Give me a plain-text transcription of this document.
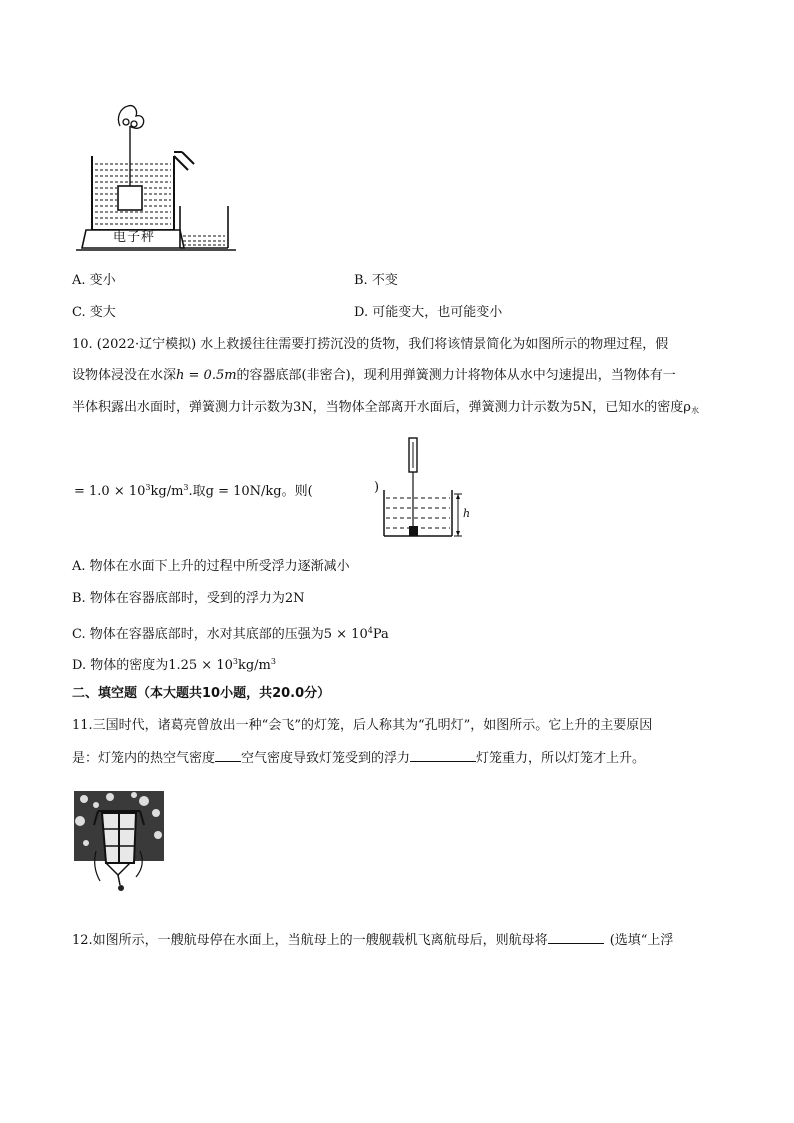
电子秤
A. 变小	B. 不变
C. 变大	D. 可能变大，也可能变小
10. (2022·辽宁模拟) 水上救援往往需要打捞沉没的货物，我们将该情景简化为如图所示的物理过程，假
设物体浸没在水深h = 0.5m的容器底部(非密合)，现利用弹簧测力计将物体从水中匀速提出，当物体有一
半体积露出水面时，弹簧测力计示数为3N，当物体全部离开水面后，弹簧测力计示数为5N，已知水的密度$\rho_水$
= $1.0 \times 10^3kg/m^3$.取g = 10N/kg。则(	)
h
A. 物体在水面下上升的过程中所受浮力逐渐减小
B. 物体在容器底部时，受到的浮力为2N
C. 物体在容器底部时，水对其底部的压强为$5 \times 10^4Pa$
D. 物体的密度为$1.25 \times 10^3kg/m^3$
二、填空题（本大题共10小题，共20.0分）
11.三国时代，诸葛亮曾放出一种“会飞”的灯笼，后人称其为“孔明灯”，如图所示。它上升的主要原因
是：灯笼内的热空气密度 空气密度导致灯笼受到的浮力	灯笼重力，所以灯笼才上升。
12.如图所示，一艘航母停在水面上，当航母上的一艘舰载机飞离航母后，则航母将	(选填“上浮
